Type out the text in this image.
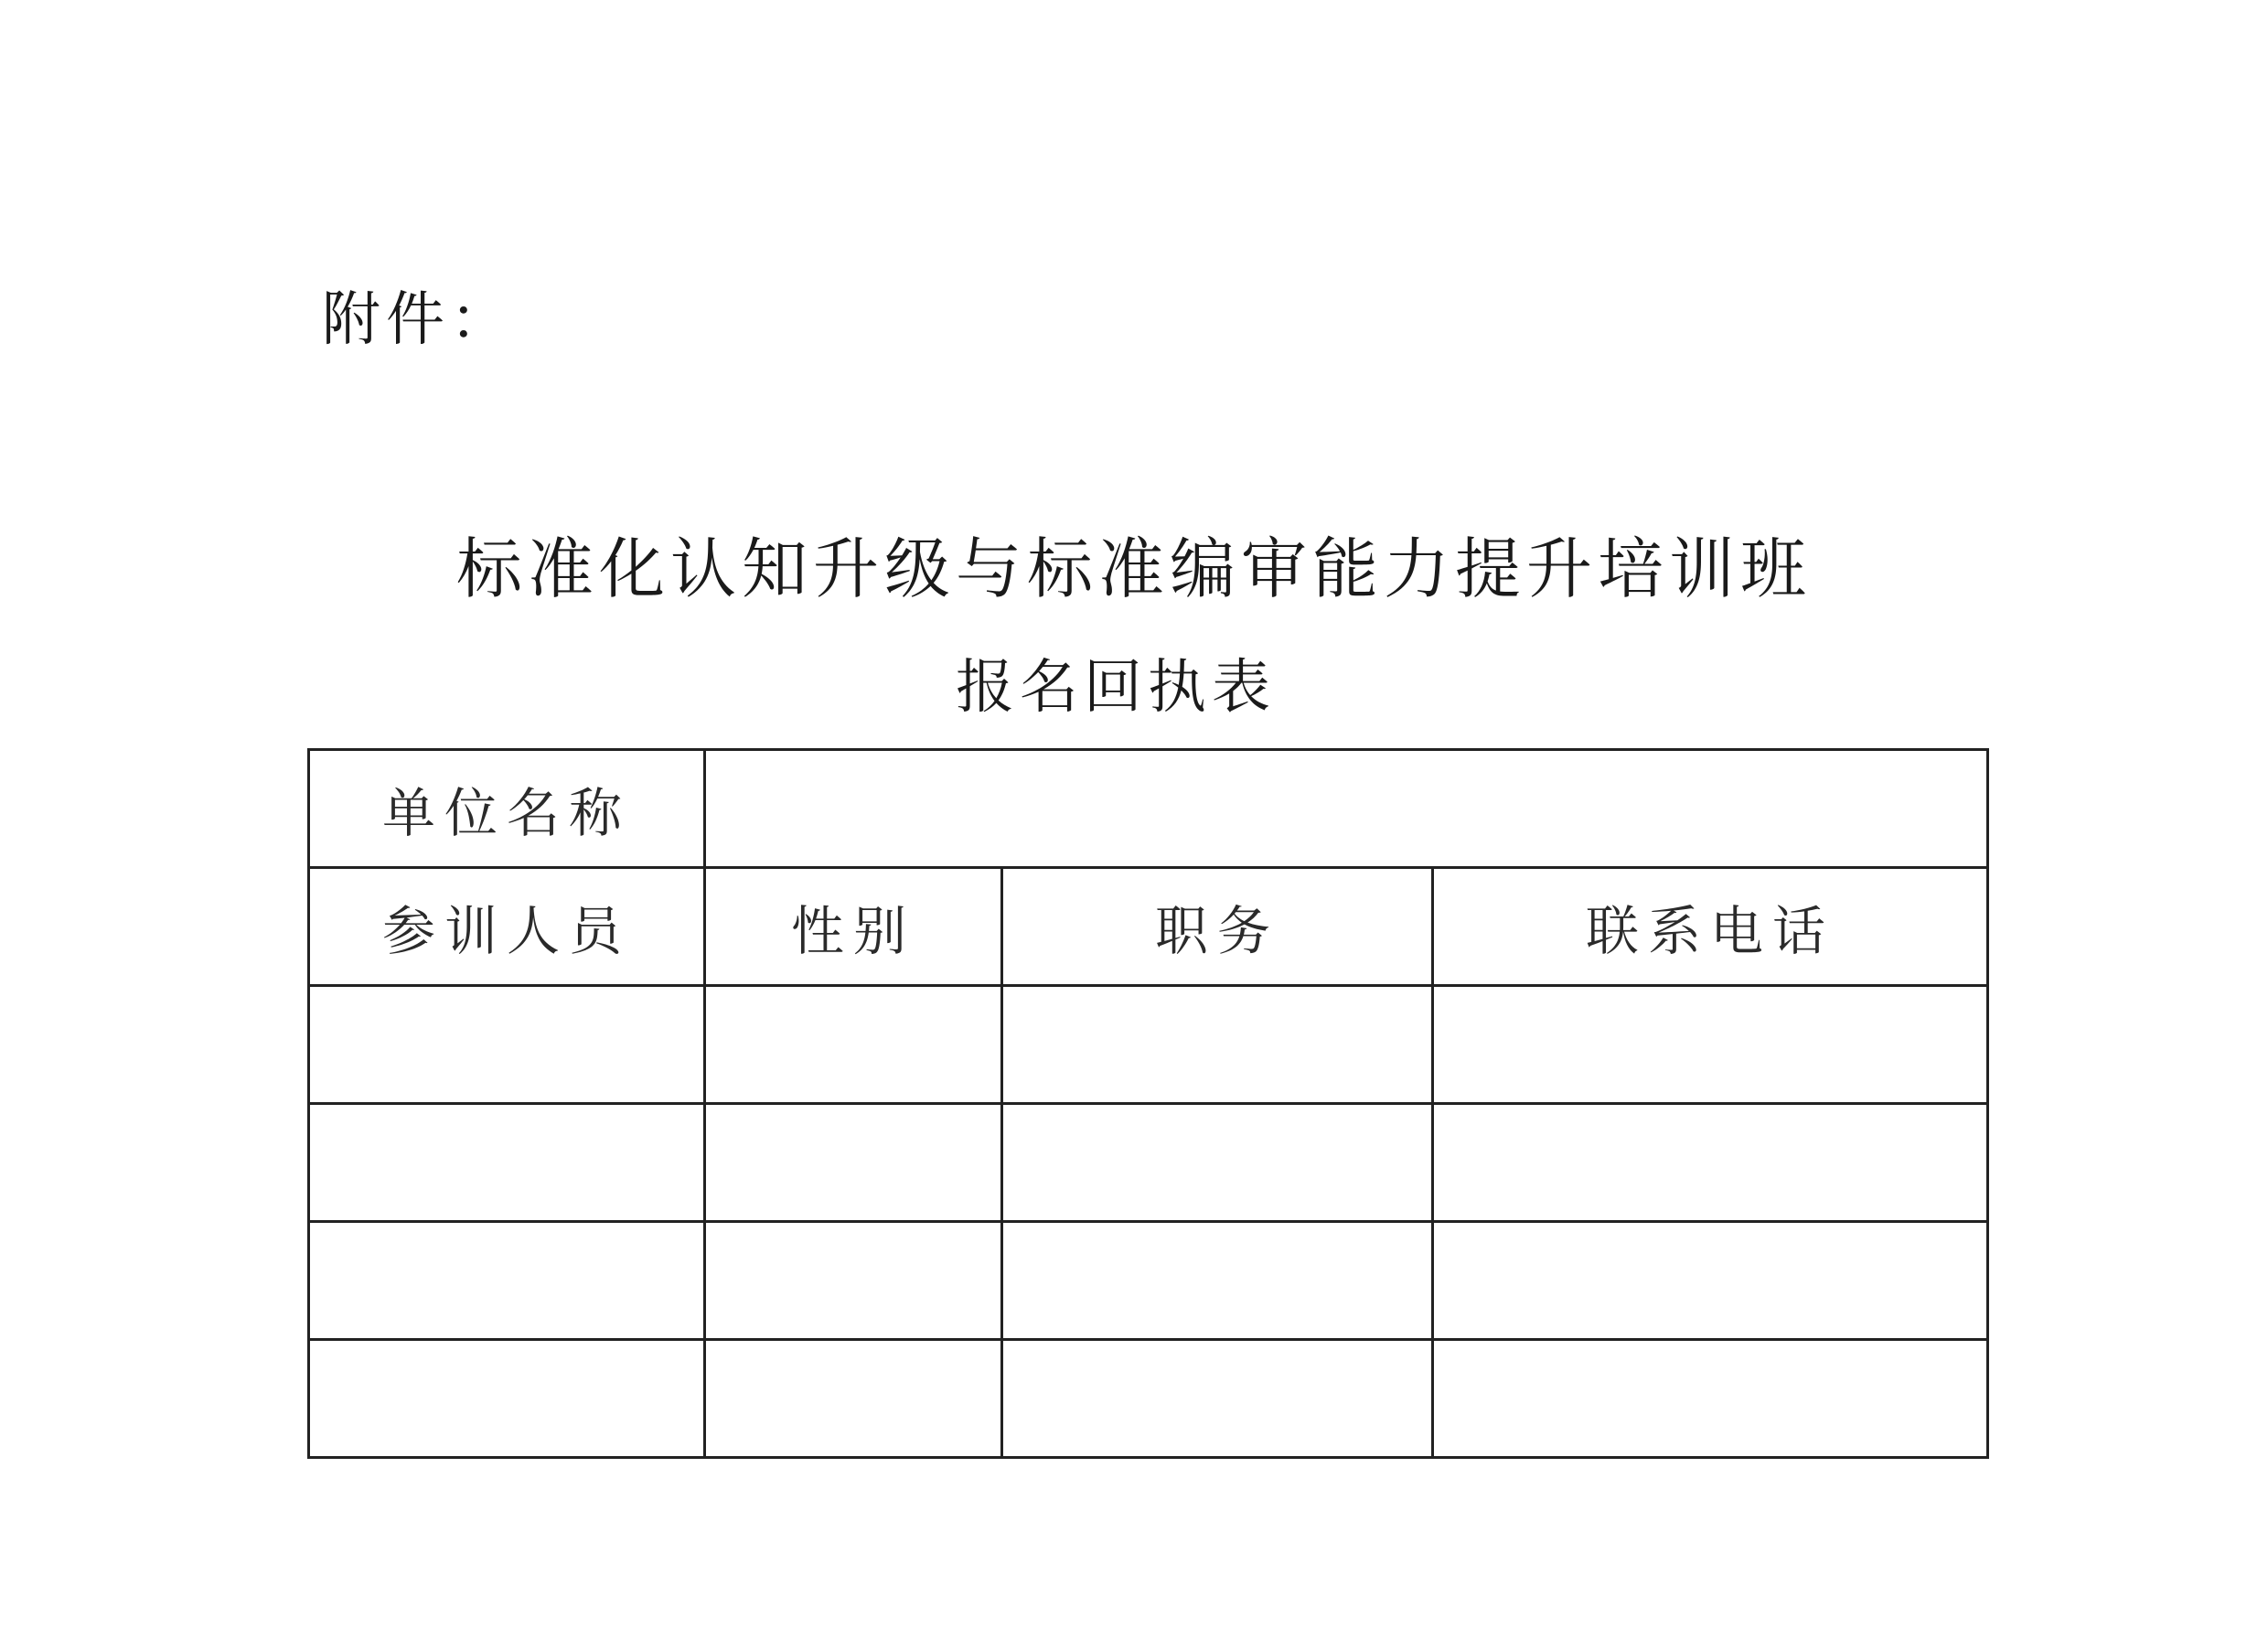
附件：
标准化认知升级与标准编审能力提升培训班
报名回执表
单位名称			
参训人员	性别	职务	联系电话
